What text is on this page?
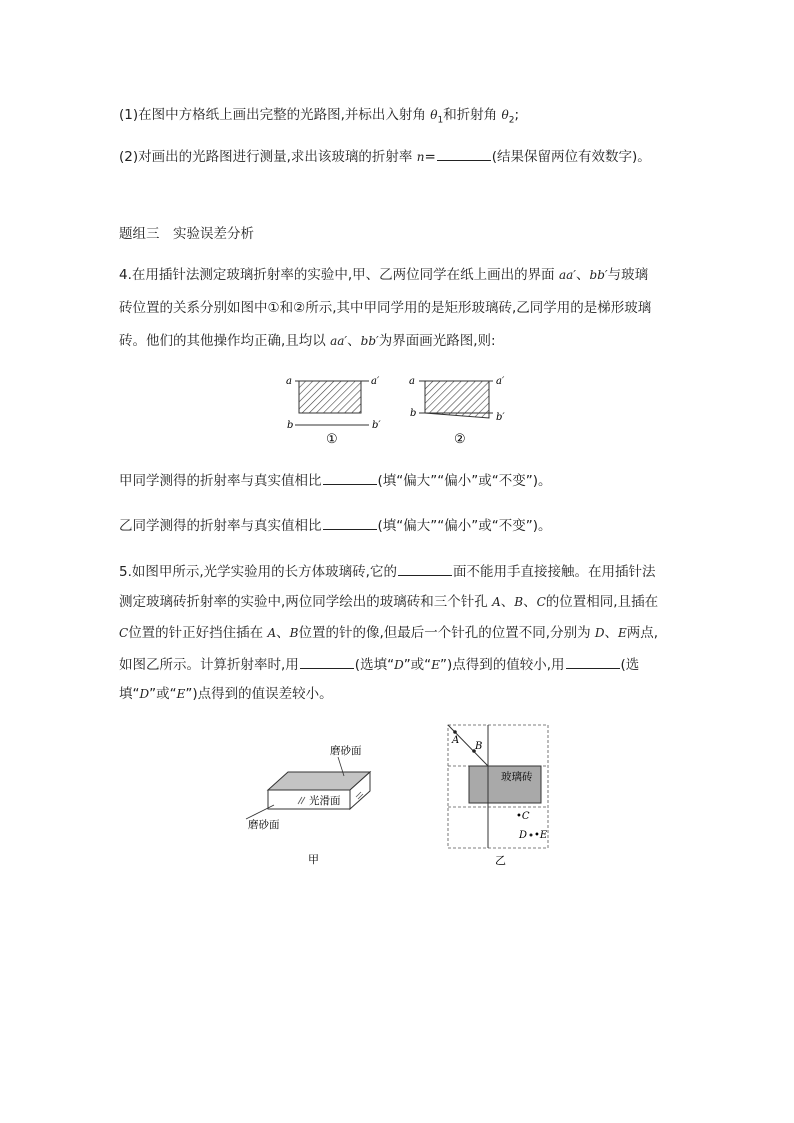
(1)在图中方格纸上画出完整的光路图,并标出入射角 $\theta_1$和折射角 $\theta_2$;
(2)对画出的光路图进行测量,求出该玻璃的折射率 n=	(结果保留两位有效数字)。
题组三　实验误差分析
4.在用插针法测定玻璃折射率的实验中,甲、乙两位同学在纸上画出的界面 aa′、bb′与玻璃
砖位置的关系分别如图中①和②所示,其中甲同学用的是矩形玻璃砖,乙同学用的是梯形玻璃
砖。他们的其他操作均正确,且均以 aa′、bb′为界面画光路图,则:
a	a′
b	b′
①
a	a′
b	b′
②
甲同学测得的折射率与真实值相比	(填“偏大”“偏小”或“不变”)。
乙同学测得的折射率与真实值相比	(填“偏大”“偏小”或“不变”)。
5.如图甲所示,光学实验用的长方体玻璃砖,它的	面不能用手直接接触。在用插针法
测定玻璃砖折射率的实验中,两位同学绘出的玻璃砖和三个针孔 A、B、C的位置相同,且插在
C位置的针正好挡住插在 A、B位置的针的像,但最后一个针孔的位置不同,分别为 D、E两点,
如图乙所示。计算折射率时,用	(选填“D”或“E”)点得到的值较小,用	(选
填“D”或“E”)点得到的值误差较小。
磨砂面
光滑面
磨砂面
甲
A
B
玻璃砖
•C
D •E
乙
